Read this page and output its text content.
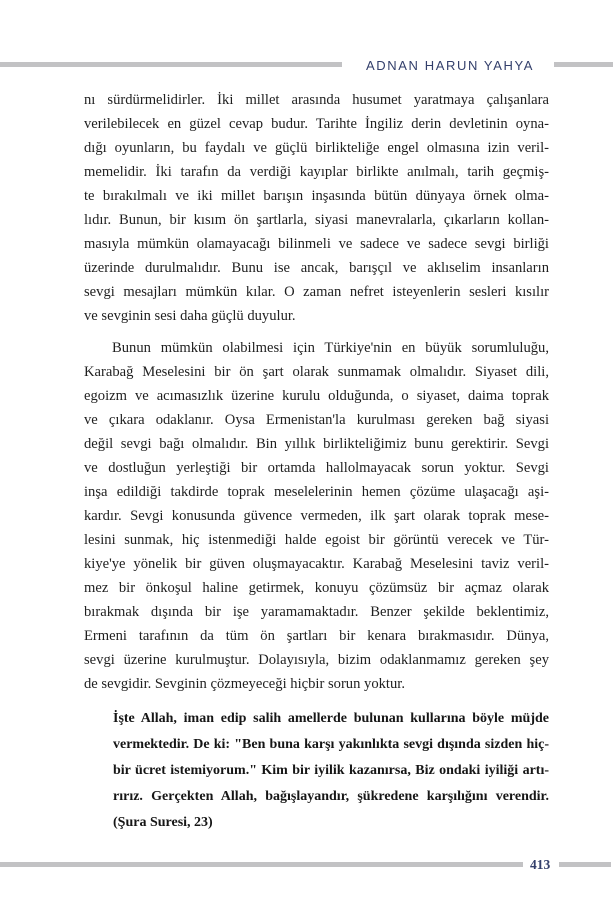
ADNAN HARUN YAHYA

nı sürdürmelidirler. İki millet arasında husumet yaratmaya çalışanlara
verilebilecek en güzel cevap budur. Tarihte İngiliz derin devletinin oyna-
dığı oyunların, bu faydalı ve güçlü birlikteliğe engel olmasına izin veril-
memelidir. İki tarafın da verdiği kayıplar birlikte anılmalı, tarih geçmiş-
te bırakılmalı ve iki millet barışın inşasında bütün dünyaya örnek olma-
lıdır. Bunun, bir kısım ön şartlarla, siyasi manevralarla, çıkarların kollan-
masıyla mümkün olamayacağı bilinmeli ve sadece ve sadece sevgi birliği
üzerinde durulmalıdır. Bunu ise ancak, barışçıl ve aklıselim insanların
sevgi mesajları mümkün kılar. O zaman nefret isteyenlerin sesleri kısılır
ve sevginin sesi daha güçlü duyulur.

Bunun mümkün olabilmesi için Türkiye'nin en büyük sorumluluğu,
Karabağ Meselesini bir ön şart olarak sunmamak olmalıdır. Siyaset dili,
egoizm ve acımasızlık üzerine kurulu olduğunda, o siyaset, daima toprak
ve çıkara odaklanır. Oysa Ermenistan'la kurulması gereken bağ siyasi
değil sevgi bağı olmalıdır. Bin yıllık birlikteliğimiz bunu gerektirir. Sevgi
ve dostluğun yerleştiği bir ortamda hallolmayacak sorun yoktur. Sevgi
inşa edildiği takdirde toprak meselelerinin hemen çözüme ulaşacağı aşi-
kardır. Sevgi konusunda güvence vermeden, ilk şart olarak toprak mese-
lesini sunmak, hiç istenmediği halde egoist bir görüntü verecek ve Tür-
kiye'ye yönelik bir güven oluşmayacaktır. Karabağ Meselesini taviz veril-
mez bir önkoşul haline getirmek, konuyu çözümsüz bir açmaz olarak
bırakmak dışında bir işe yaramamaktadır. Benzer şekilde beklentimiz,
Ermeni tarafının da tüm ön şartları bir kenara bırakmasıdır. Dünya,
sevgi üzerine kurulmuştur. Dolayısıyla, bizim odaklanmamız gereken şey
de sevgidir. Sevginin çözmeyeceği hiçbir sorun yoktur.

İşte Allah, iman edip salih amellerde bulunan kullarına böyle müjde
vermektedir. De ki: "Ben buna karşı yakınlıkta sevgi dışında sizden hiç-
bir ücret istemiyorum." Kim bir iyilik kazanırsa, Biz ondaki iyiliği artı-
rırız. Gerçekten Allah, bağışlayandır, şükredene karşılığını verendir.
(Şura Suresi, 23)
413
